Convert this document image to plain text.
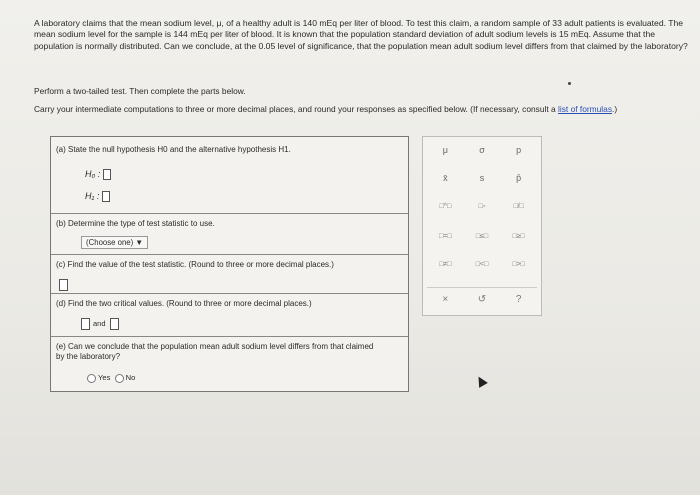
A laboratory claims that the mean sodium level, μ, of a healthy adult is 140 mEq per liter of blood. To test this claim, a random sample of 33 adult patients is evaluated. The mean sodium level for the sample is 144 mEq per liter of blood. It is known that the population standard deviation of adult sodium levels is 15 mEq. Assume that the population is normally distributed. Can we conclude, at the 0.05 level of significance, that the population mean adult sodium level differs from that claimed by the laboratory?

Perform a two-tailed test. Then complete the parts below.
Carry your intermediate computations to three or more decimal places, and round your responses as specified below. (If necessary, consult a list of formulas.)
(a) State the null hypothesis H0 and the alternative hypothesis H1.
H₀ :
H₁ :
(b) Determine the type of test statistic to use.
(Choose one) ▼
(c) Find the value of the test statistic. (Round to three or more decimal places.)
(d) Find the two critical values. (Round to three or more decimal places.)
and
(e) Can we conclude that the population mean adult sodium level differs from that claimed by the laboratory?
Yes No
μ	σ	p
x̄	s	p̂
□^□	□▫	□/□
□=□	□≤□	□≥□
□≠□	□<□	□>□
×	↺	?
